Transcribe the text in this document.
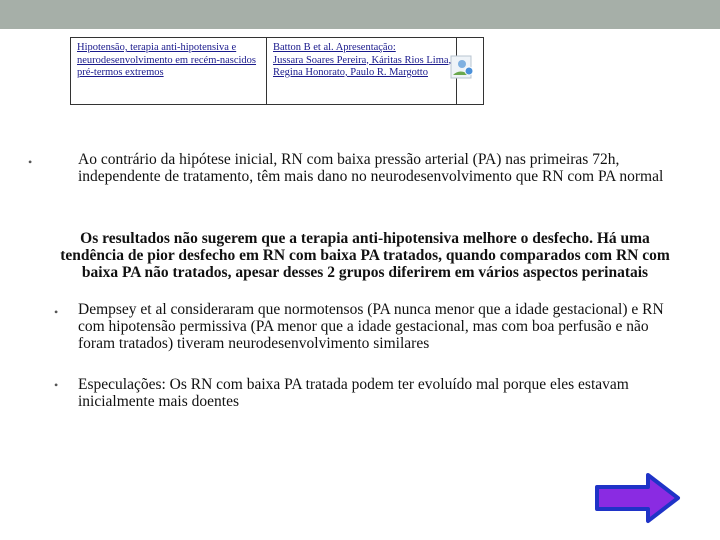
Hipotensão, terapia anti-hipotensiva e neurodesenvolvimento em recém-nascidos pré-termos extremos
Batton B et al. Apresentação:
Jussara Soares Pereira, Káritas Rios Lima, Regina Honorato, Paulo R. Margotto
•	Ao contrário da hipótese inicial, RN com baixa pressão arterial (PA) nas primeiras 72h, independente de tratamento, têm mais dano no neurodesenvolvimento que RN com PA normal
Os resultados não sugerem que a terapia anti-hipotensiva melhore o desfecho. Há uma tendência de pior desfecho em RN com baixa PA tratados, quando comparados com RN com baixa PA não tratados, apesar desses 2 grupos diferirem em vários aspectos perinatais
• Dempsey et al consideraram que normotensos (PA nunca menor que a idade gestacional) e RN com hipotensão permissiva (PA menor que a idade gestacional, mas com boa perfusão e não foram tratados) tiveram neurodesenvolvimento similares
• Especulações: Os RN com baixa PA tratada podem ter evoluído mal porque eles estavam inicialmente mais doentes
